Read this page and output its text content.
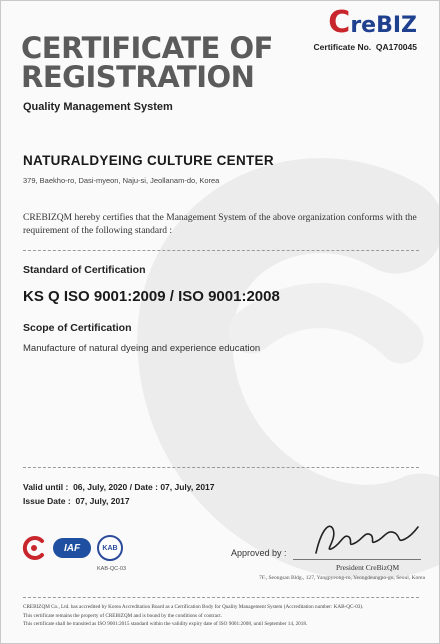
C re BIZ
Certificate No. QA170045
CERTIFICATE OF
REGISTRATION
Quality Management System
NATURALDYEING CULTURE CENTER
379, Baekho-ro, Dasi-myeon, Naju-si, Jeollanam-do, Korea
CREBIZQM hereby certifies that the Management System of the above organization conforms with the requirement of the following standard :
Standard of Certification
KS Q ISO 9001:2009 / ISO 9001:2008
Scope of Certification
Manufacture of natural dyeing and experience education
Valid until : 06, July, 2020 / Date : 07, July, 2017
Issue Date : 07, July, 2017
IAF	KAB
KAB-QC-03
Approved by :
President CreBizQM
7F., Seongsan Bldg., 127, Yangpyeong-ro, Yeongdeungpo-gu, Seoul, Korea
CREBIZQM Co., Ltd. has accredited by Korea Accreditation Board as a Certification Body for Quality Management System (Accreditation number: KAB-QC-03).
This certificate remains the property of CREBIZQM and is bound by the conditions of contract.
This certificate shall be transited as ISO 9001:2015 standard within the validity expiry date of ISO 9001:2008, until September 14, 2018.
